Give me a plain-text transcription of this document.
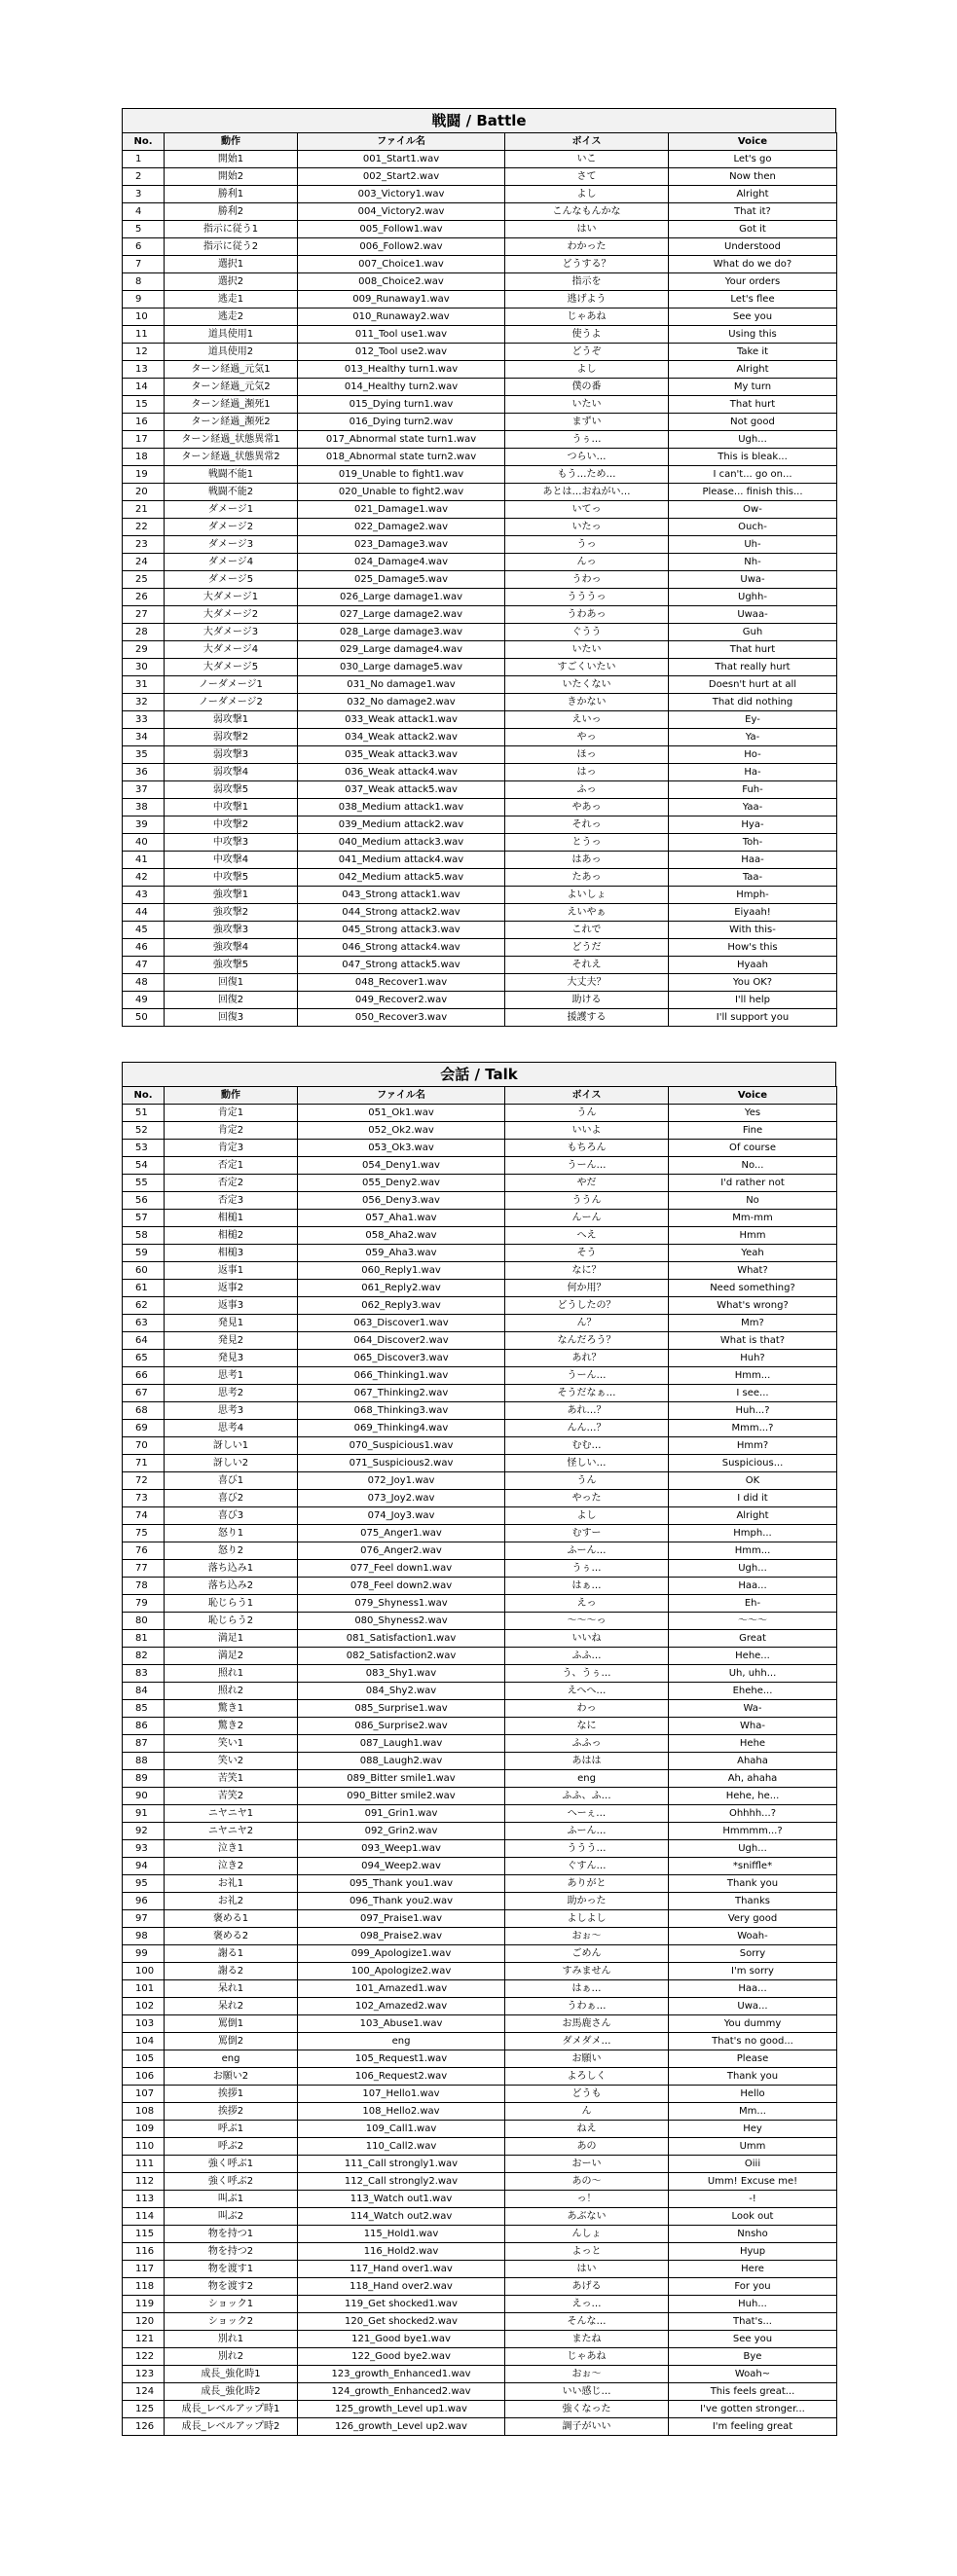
戦闘 / Battle
No.	動作	ファイル名	ボイス	Voice
1	開始1	001_Start1.wav	いこ	Let's go
2	開始2	002_Start2.wav	さて	Now then
3	勝利1	003_Victory1.wav	よし	Alright
4	勝利2	004_Victory2.wav	こんなもんかな	That it?
5	指示に従う1	005_Follow1.wav	はい	Got it
6	指示に従う2	006_Follow2.wav	わかった	Understood
7	選択1	007_Choice1.wav	どうする？	What do we do?
8	選択2	008_Choice2.wav	指示を	Your orders
9	逃走1	009_Runaway1.wav	逃げよう	Let's flee
10	逃走2	010_Runaway2.wav	じゃあね	See you
11	道具使用1	011_Tool use1.wav	使うよ	Using this
12	道具使用2	012_Tool use2.wav	どうぞ	Take it
13	ターン経過_元気1	013_Healthy turn1.wav	よし	Alright
14	ターン経過_元気2	014_Healthy turn2.wav	僕の番	My turn
15	ターン経過_瀕死1	015_Dying turn1.wav	いたい	That hurt
16	ターン経過_瀕死2	016_Dying turn2.wav	まずい	Not good
17	ターン経過_状態異常1	017_Abnormal state turn1.wav	うぅ…	Ugh...
18	ターン経過_状態異常2	018_Abnormal state turn2.wav	つらい…	This is bleak...
19	戦闘不能1	019_Unable to fight1.wav	もう…ため…	I can't... go on...
20	戦闘不能2	020_Unable to fight2.wav	あとは…おねがい…	Please... finish this...
21	ダメージ1	021_Damage1.wav	いてっ	Ow-
22	ダメージ2	022_Damage2.wav	いたっ	Ouch-
23	ダメージ3	023_Damage3.wav	うっ	Uh-
24	ダメージ4	024_Damage4.wav	んっ	Nh-
25	ダメージ5	025_Damage5.wav	うわっ	Uwa-
26	大ダメージ1	026_Large damage1.wav	うううっ	Ughh-
27	大ダメージ2	027_Large damage2.wav	うわあっ	Uwaa-
28	大ダメージ3	028_Large damage3.wav	ぐうう	Guh
29	大ダメージ4	029_Large damage4.wav	いたい	That hurt
30	大ダメージ5	030_Large damage5.wav	すごくいたい	That really hurt
31	ノーダメージ1	031_No damage1.wav	いたくない	Doesn't hurt at all
32	ノーダメージ2	032_No damage2.wav	きかない	That did nothing
33	弱攻撃1	033_Weak attack1.wav	えいっ	Ey-
34	弱攻撃2	034_Weak attack2.wav	やっ	Ya-
35	弱攻撃3	035_Weak attack3.wav	ほっ	Ho-
36	弱攻撃4	036_Weak attack4.wav	はっ	Ha-
37	弱攻撃5	037_Weak attack5.wav	ふっ	Fuh-
38	中攻撃1	038_Medium attack1.wav	やあっ	Yaa-
39	中攻撃2	039_Medium attack2.wav	それっ	Hya-
40	中攻撃3	040_Medium attack3.wav	とうっ	Toh-
41	中攻撃4	041_Medium attack4.wav	はあっ	Haa-
42	中攻撃5	042_Medium attack5.wav	たあっ	Taa-
43	強攻撃1	043_Strong attack1.wav	よいしょ	Hmph-
44	強攻撃2	044_Strong attack2.wav	えいやぁ	Eiyaah!
45	強攻撃3	045_Strong attack3.wav	これで	With this-
46	強攻撃4	046_Strong attack4.wav	どうだ	How's this
47	強攻撃5	047_Strong attack5.wav	それえ	Hyaah
48	回復1	048_Recover1.wav	大丈夫？	You OK?
49	回復2	049_Recover2.wav	助ける	I'll help
50	回復3	050_Recover3.wav	援護する	I'll support you
会話 / Talk
No.	動作	ファイル名	ボイス	Voice
51	肯定1	051_Ok1.wav	うん	Yes
52	肯定2	052_Ok2.wav	いいよ	Fine
53	肯定3	053_Ok3.wav	もちろん	Of course
54	否定1	054_Deny1.wav	うーん…	No...
55	否定2	055_Deny2.wav	やだ	I'd rather not
56	否定3	056_Deny3.wav	ううん	No
57	相槌1	057_Aha1.wav	んーん	Mm-mm
58	相槌2	058_Aha2.wav	へえ	Hmm
59	相槌3	059_Aha3.wav	そう	Yeah
60	返事1	060_Reply1.wav	なに？	What?
61	返事2	061_Reply2.wav	何か用？	Need something?
62	返事3	062_Reply3.wav	どうしたの？	What's wrong?
63	発見1	063_Discover1.wav	ん？	Mm?
64	発見2	064_Discover2.wav	なんだろう？	What is that?
65	発見3	065_Discover3.wav	あれ？	Huh?
66	思考1	066_Thinking1.wav	うーん…	Hmm...
67	思考2	067_Thinking2.wav	そうだなぁ…	I see...
68	思考3	068_Thinking3.wav	あれ…？	Huh...?
69	思考4	069_Thinking4.wav	んん…？	Mmm...?
70	訝しい1	070_Suspicious1.wav	むむ…	Hmm?
71	訝しい2	071_Suspicious2.wav	怪しい…	Suspicious...
72	喜び1	072_Joy1.wav	うん	OK
73	喜び2	073_Joy2.wav	やった	I did it
74	喜び3	074_Joy3.wav	よし	Alright
75	怒り1	075_Anger1.wav	むすー	Hmph...
76	怒り2	076_Anger2.wav	ふーん…	Hmm...
77	落ち込み1	077_Feel down1.wav	うぅ…	Ugh...
78	落ち込み2	078_Feel down2.wav	はぁ…	Haa...
79	恥じらう1	079_Shyness1.wav	えっ	Eh-
80	恥じらう2	080_Shyness2.wav	～～～っ	～～～
81	満足1	081_Satisfaction1.wav	いいね	Great
82	満足2	082_Satisfaction2.wav	ふふ…	Hehe...
83	照れ1	083_Shy1.wav	う、うぅ…	Uh, uhh...
84	照れ2	084_Shy2.wav	えへへ…	Ehehe...
85	驚き1	085_Surprise1.wav	わっ	Wa-
86	驚き2	086_Surprise2.wav	なに	Wha-
87	笑い1	087_Laugh1.wav	ふふっ	Hehe
88	笑い2	088_Laugh2.wav	あはは	Ahaha
89	苦笑1	089_Bitter smile1.wav	eng	Ah, ahaha
90	苦笑2	090_Bitter smile2.wav	ふふ、ふ…	Hehe, he...
91	ニヤニヤ1	091_Grin1.wav	へーぇ…	Ohhhh...?
92	ニヤニヤ2	092_Grin2.wav	ふーん…	Hmmmm...?
93	泣き1	093_Weep1.wav	ううう…	Ugh...
94	泣き2	094_Weep2.wav	ぐすん…	*sniffle*
95	お礼1	095_Thank you1.wav	ありがと	Thank you
96	お礼2	096_Thank you2.wav	助かった	Thanks
97	褒める1	097_Praise1.wav	よしよし	Very good
98	褒める2	098_Praise2.wav	おぉ～	Woah-
99	謝る1	099_Apologize1.wav	ごめん	Sorry
100	謝る2	100_Apologize2.wav	すみません	I'm sorry
101	呆れ1	101_Amazed1.wav	はぁ…	Haa...
102	呆れ2	102_Amazed2.wav	うわぁ…	Uwa...
103	罵倒1	103_Abuse1.wav	お馬鹿さん	You dummy
104	罵倒2	eng	ダメダメ…	That's no good...
105	eng	105_Request1.wav	お願い	Please
106	お願い2	106_Request2.wav	よろしく	Thank you
107	挨拶1	107_Hello1.wav	どうも	Hello
108	挨拶2	108_Hello2.wav	ん	Mm...
109	呼ぶ1	109_Call1.wav	ねえ	Hey
110	呼ぶ2	110_Call2.wav	あの	Umm
111	強く呼ぶ1	111_Call strongly1.wav	おーい	Oiii
112	強く呼ぶ2	112_Call strongly2.wav	あの～	Umm! Excuse me!
113	叫ぶ1	113_Watch out1.wav	っ！	-!
114	叫ぶ2	114_Watch out2.wav	あぶない	Look out
115	物を持つ1	115_Hold1.wav	んしょ	Nnsho
116	物を持つ2	116_Hold2.wav	よっと	Hyup
117	物を渡す1	117_Hand over1.wav	はい	Here
118	物を渡す2	118_Hand over2.wav	あげる	For you
119	ショック1	119_Get shocked1.wav	えっ…	Huh...
120	ショック2	120_Get shocked2.wav	そんな…	That's...
121	別れ1	121_Good bye1.wav	またね	See you
122	別れ2	122_Good bye2.wav	じゃあね	Bye
123	成長_強化時1	123_growth_Enhanced1.wav	おぉ～	Woah~
124	成長_強化時2	124_growth_Enhanced2.wav	いい感じ…	This feels great...
125	成長_レベルアップ時1	125_growth_Level up1.wav	強くなった	I've gotten stronger...
126	成長_レベルアップ時2	126_growth_Level up2.wav	調子がいい	I'm feeling great
